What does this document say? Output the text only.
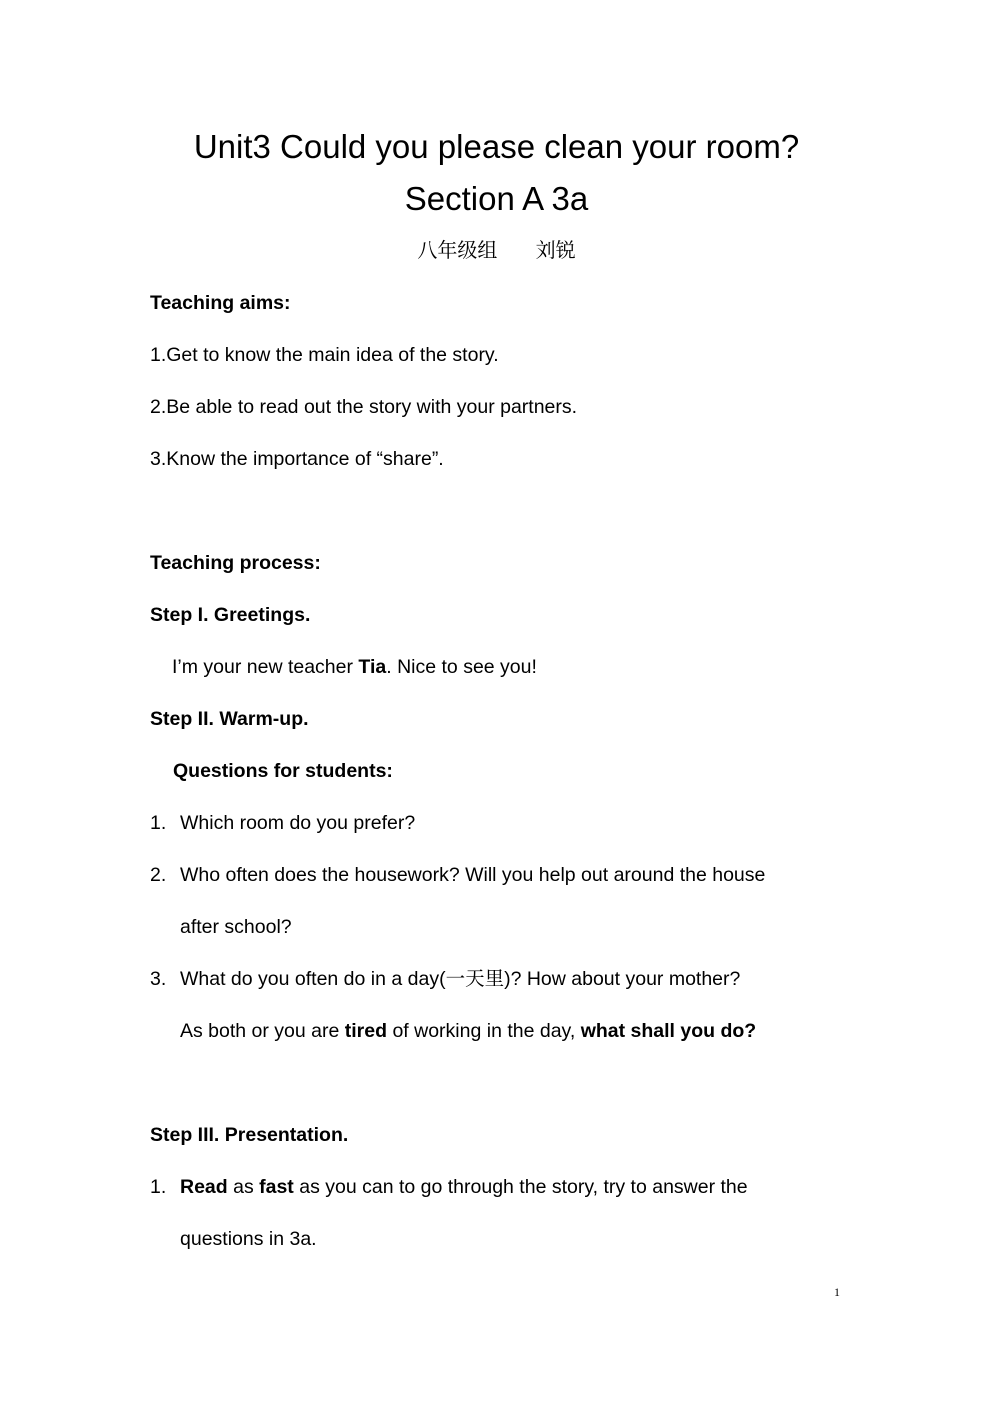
Unit3 Could you please clean your room?
Section A 3a
八年级组      刘锐
Teaching aims:
1.Get to know the main idea of the story.
2.Be able to read out the story with your partners.
3.Know the importance of “share”.
Teaching process:
Step I. Greetings.
I’m your new teacher Tia. Nice to see you!
Step II. Warm-up.
Questions for students:
1. Which room do you prefer?
2. Who often does the housework? Will you help out around the house
after school?
3. What do you often do in a day(一天里)? How about your mother?
As both or you are tired of working in the day, what shall you do?
Step III. Presentation.
1. Read as fast as you can to go through the story, try to answer the
questions in 3a.
1
